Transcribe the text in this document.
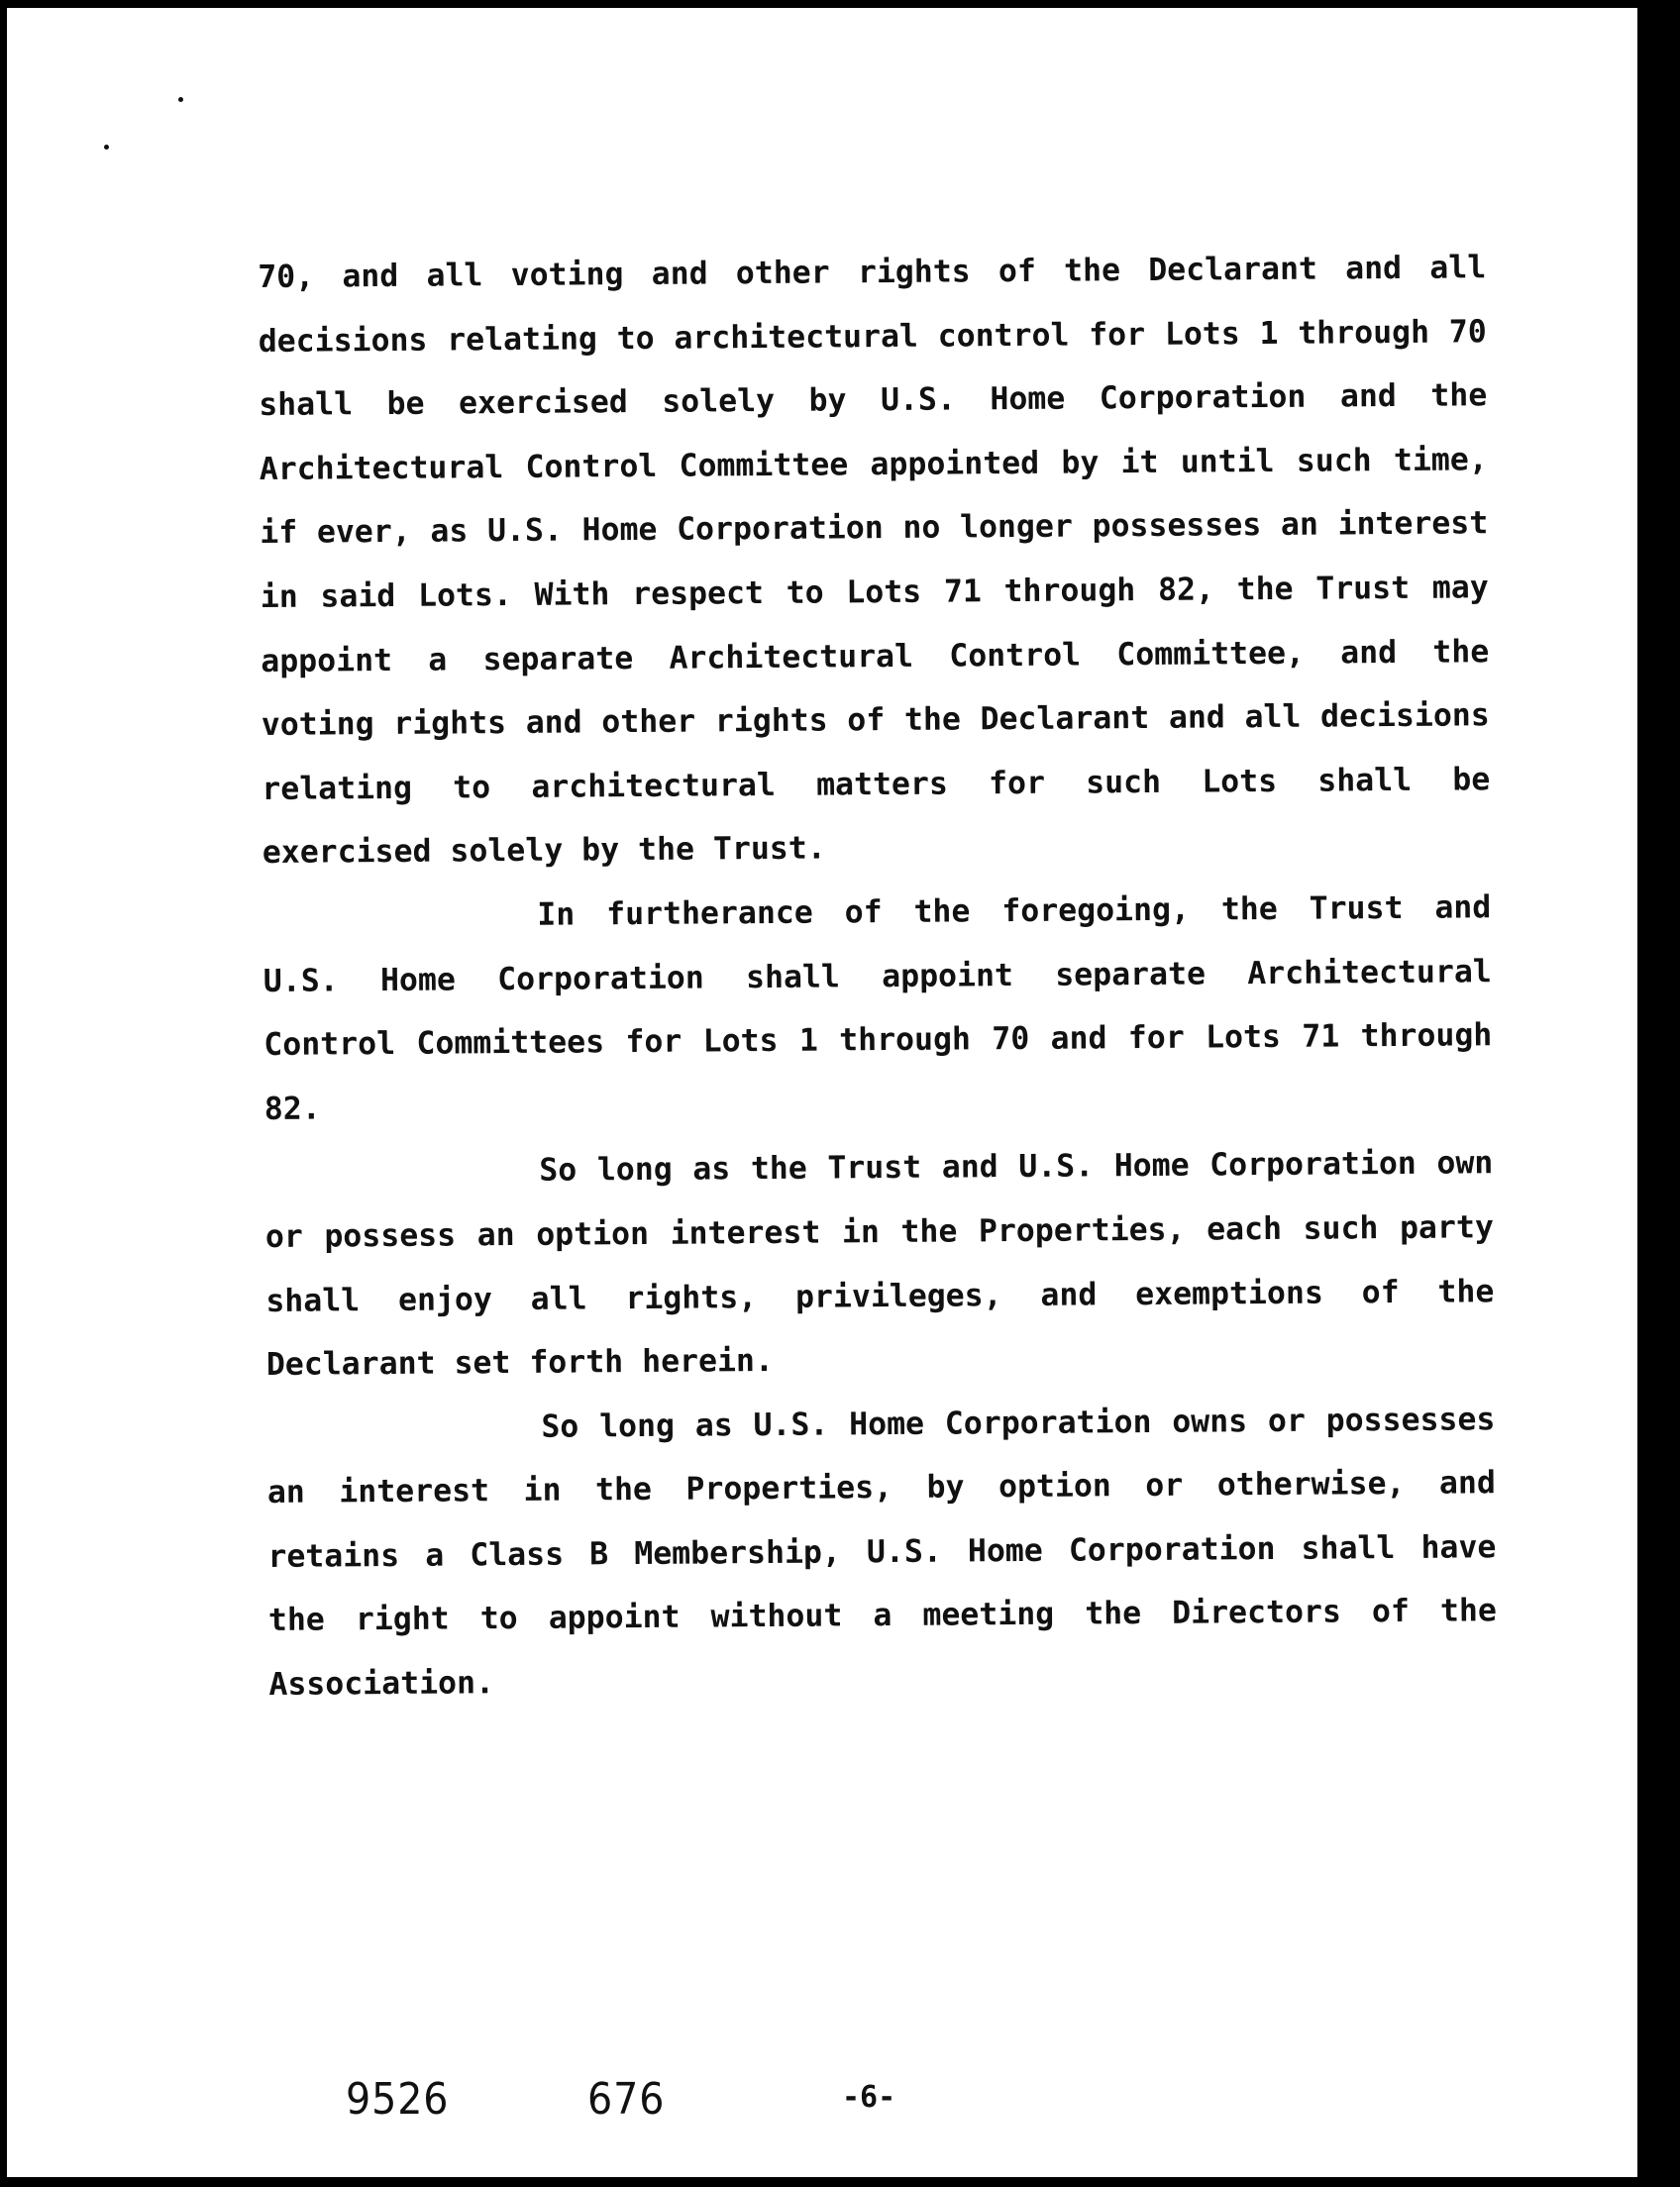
70, and all voting and other rights of the Declarant and all decisions relating to architectural control for Lots 1 through 70 shall be exercised solely by U.S. Home Corporation and the Architectural Control Committee appointed by it until such time, if ever, as U.S. Home Corporation no longer possesses an interest in said Lots. With respect to Lots 71 through 82, the Trust may appoint a separate Architectural Control Committee, and the voting rights and other rights of the Declarant and all decisions relating to architectural matters for such Lots shall be exercised solely by the Trust.

In furtherance of the foregoing, the Trust and U.S. Home Corporation shall appoint separate Architectural Control Committees for Lots 1 through 70 and for Lots 71 through 82.

So long as the Trust and U.S. Home Corporation own or possess an option interest in the Properties, each such party shall enjoy all rights, privileges, and exemptions of the Declarant set forth herein.

So long as U.S. Home Corporation owns or possesses an interest in the Properties, by option or otherwise, and retains a Class B Membership, U.S. Home Corporation shall have the right to appoint without a meeting the Directors of the Association.

9526	676	-6-
